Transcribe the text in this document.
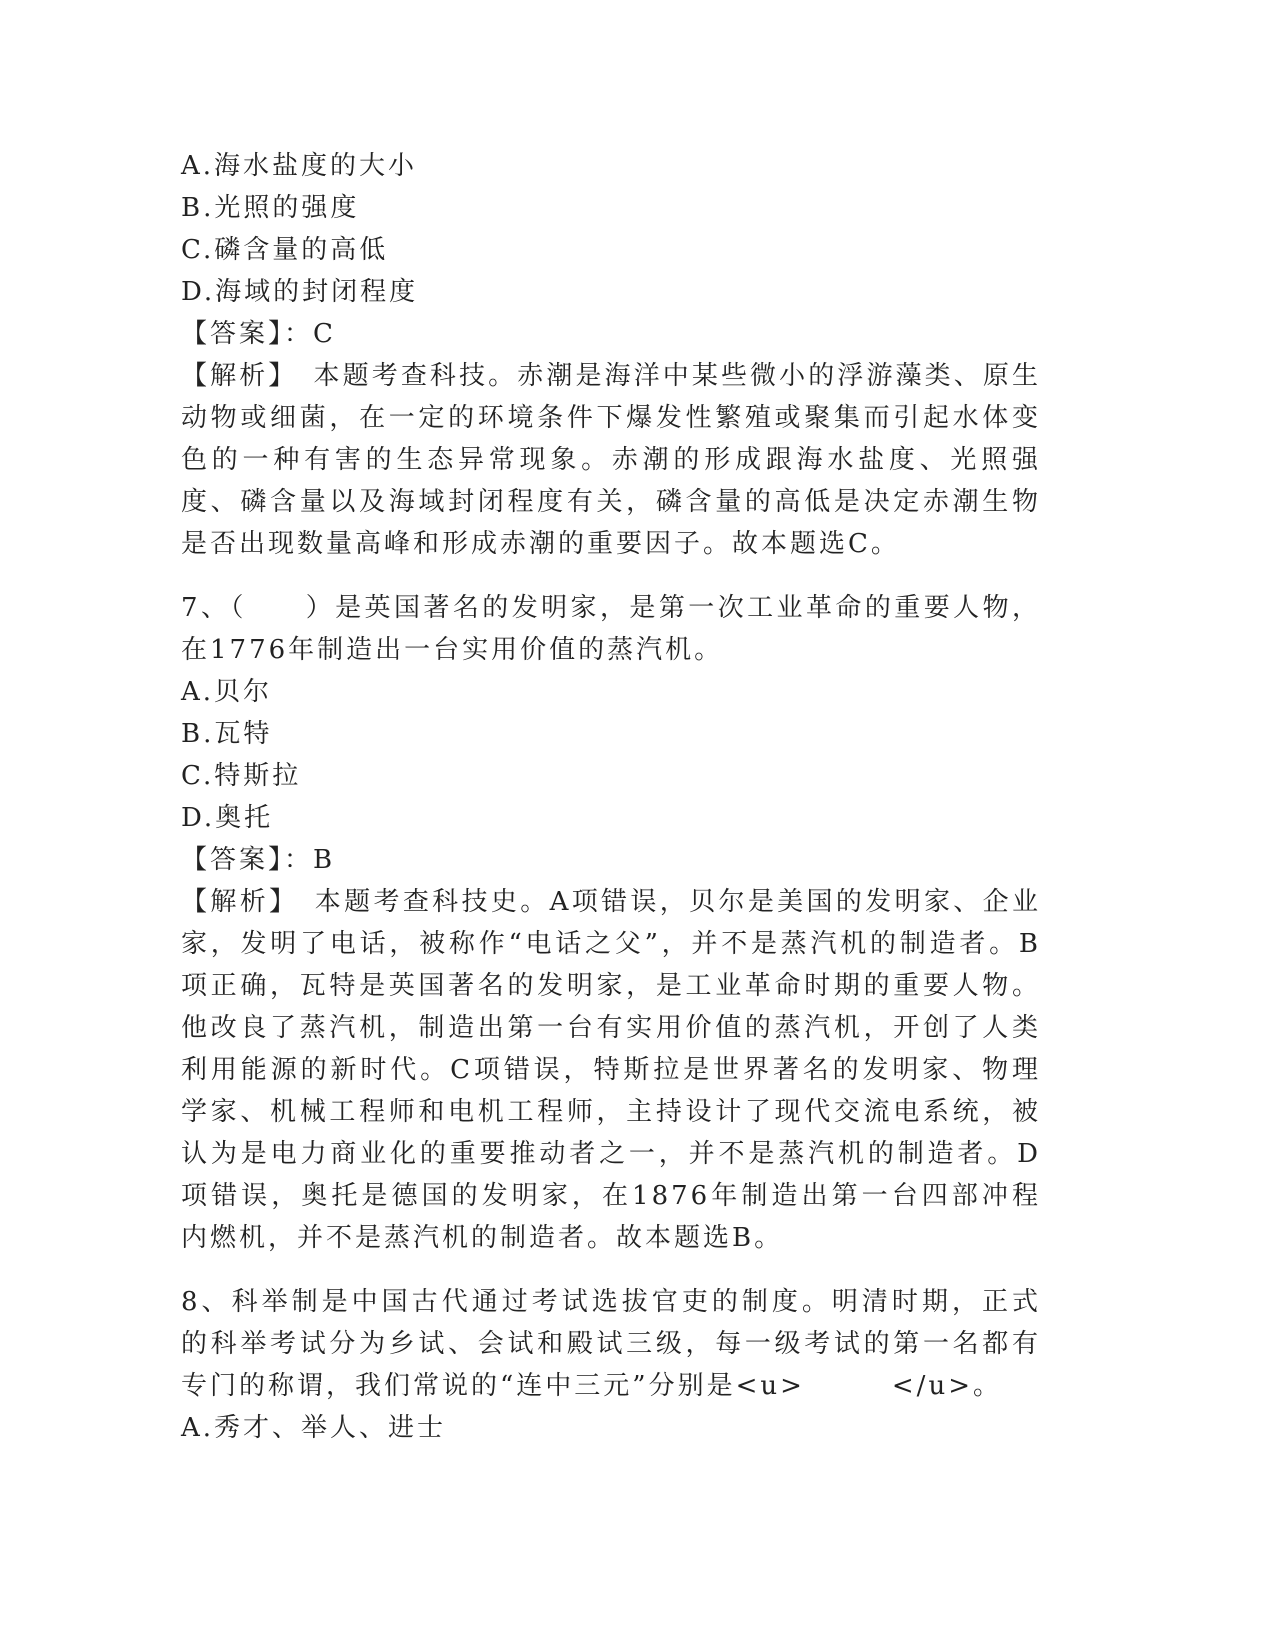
A.海水盐度的大小
B.光照的强度
C.磷含量的高低
D.海域的封闭程度
【答案】：C
【解析】　本题考查科技。赤潮是海洋中某些微小的浮游藻类、原生动物或细菌，在一定的环境条件下爆发性繁殖或聚集而引起水体变色的一种有害的生态异常现象。赤潮的形成跟海水盐度、光照强度、磷含量以及海域封闭程度有关，磷含量的高低是决定赤潮生物是否出现数量高峰和形成赤潮的重要因子。故本题选C。
7、（　　）是英国著名的发明家，是第一次工业革命的重要人物，在1776年制造出一台实用价值的蒸汽机。
A.贝尔
B.瓦特
C.特斯拉
D.奥托
【答案】：B
【解析】　本题考查科技史。A项错误，贝尔是美国的发明家、企业家，发明了电话，被称作“电话之父”，并不是蒸汽机的制造者。B项正确，瓦特是英国著名的发明家，是工业革命时期的重要人物。他改良了蒸汽机，制造出第一台有实用价值的蒸汽机，开创了人类利用能源的新时代。C项错误，特斯拉是世界著名的发明家、物理学家、机械工程师和电机工程师，主持设计了现代交流电系统，被认为是电力商业化的重要推动者之一，并不是蒸汽机的制造者。D项错误，奥托是德国的发明家，在1876年制造出第一台四部冲程内燃机，并不是蒸汽机的制造者。故本题选B。
8、科举制是中国古代通过考试选拔官吏的制度。明清时期，正式的科举考试分为乡试、会试和殿试三级，每一级考试的第一名都有专门的称谓，我们常说的“连中三元”分别是<u>　　　</u>。
A.秀才、举人、进士
